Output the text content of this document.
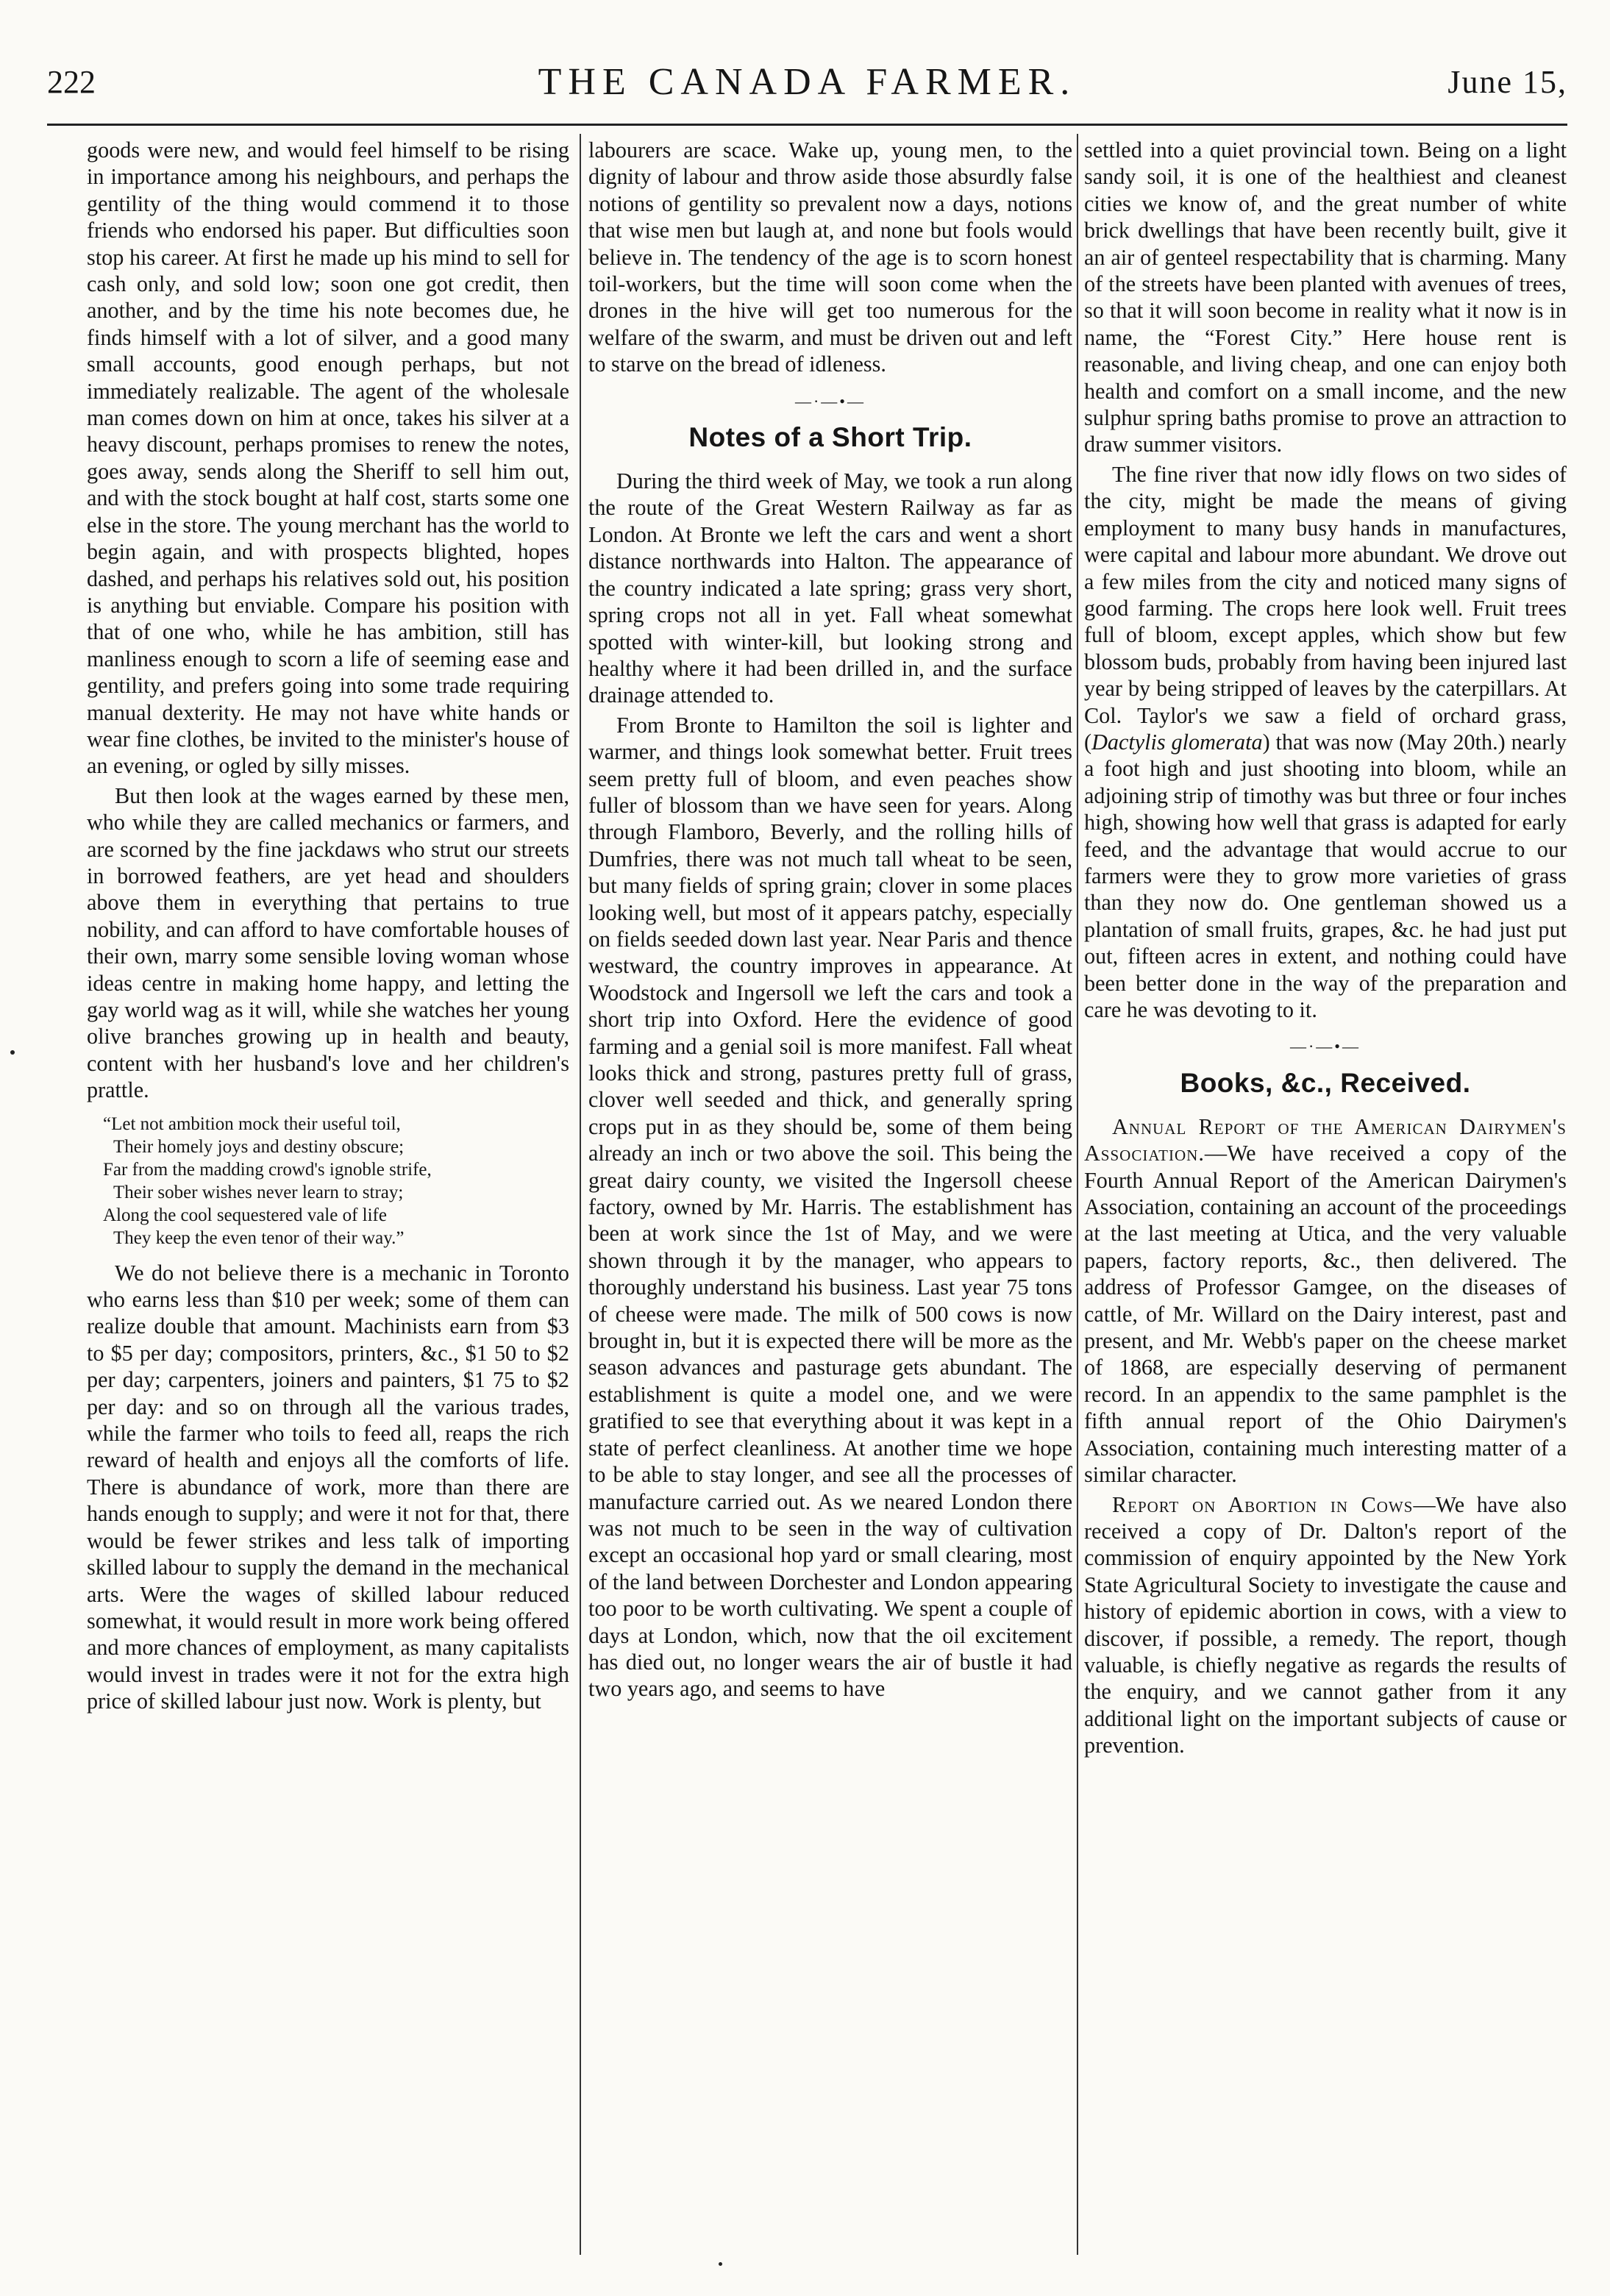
222	THE CANADA FARMER.	June 15,

goods were new, and would feel himself to be rising in importance among his neighbours, and perhaps the gentility of the thing would commend it to those friends who endorsed his paper. But difficulties soon stop his career. At first he made up his mind to sell for cash only, and sold low; soon one got credit, then another, and by the time his note becomes due, he finds himself with a lot of silver, and a good many small accounts, good enough perhaps, but not immediately realizable. The agent of the wholesale man comes down on him at once, takes his silver at a heavy discount, perhaps promises to renew the notes, goes away, sends along the Sheriff to sell him out, and with the stock bought at half cost, starts some one else in the store. The young merchant has the world to begin again, and with prospects blighted, hopes dashed, and perhaps his relatives sold out, his position is anything but enviable. Compare his position with that of one who, while he has ambition, still has manliness enough to scorn a life of seeming ease and gentility, and prefers going into some trade requiring manual dexterity. He may not have white hands or wear fine clothes, be invited to the minister's house of an evening, or ogled by silly misses.

But then look at the wages earned by these men, who while they are called mechanics or farmers, and are scorned by the fine jackdaws who strut our streets in borrowed feathers, are yet head and shoulders above them in everything that pertains to true nobility, and can afford to have comfortable houses of their own, marry some sensible loving woman whose ideas centre in making home happy, and letting the gay world wag as it will, while she watches her young olive branches growing up in health and beauty, content with her husband's love and her children's prattle.

“Let not ambition mock their useful toil,
Their homely joys and destiny obscure;
Far from the madding crowd's ignoble strife,
Their sober wishes never learn to stray;
Along the cool sequestered vale of life
They keep the even tenor of their way.”

We do not believe there is a mechanic in Toronto who earns less than $10 per week; some of them can realize double that amount. Machinists earn from $3 to $5 per day; compositors, printers, &c., $1 50 to $2 per day; carpenters, joiners and painters, $1 75 to $2 per day: and so on through all the various trades, while the farmer who toils to feed all, reaps the rich reward of health and enjoys all the comforts of life. There is abundance of work, more than there are hands enough to supply; and were it not for that, there would be fewer strikes and less talk of importing skilled labour to supply the demand in the mechanical arts. Were the wages of skilled labour reduced somewhat, it would result in more work being offered and more chances of employment, as many capitalists would invest in trades were it not for the extra high price of skilled labour just now. Work is plenty, but

labourers are scace. Wake up, young men, to the dignity of labour and throw aside those absurdly false notions of gentility so prevalent now a days, notions that wise men but laugh at, and none but fools would believe in. The tendency of the age is to scorn honest toil-workers, but the time will soon come when the drones in the hive will get too numerous for the welfare of the swarm, and must be driven out and left to starve on the bread of idleness.

—·—•—
Notes of a Short Trip.

During the third week of May, we took a run along the route of the Great Western Railway as far as London. At Bronte we left the cars and went a short distance northwards into Halton. The appearance of the country indicated a late spring; grass very short, spring crops not all in yet. Fall wheat somewhat spotted with winter-kill, but looking strong and healthy where it had been drilled in, and the surface drainage attended to.

From Bronte to Hamilton the soil is lighter and warmer, and things look somewhat better. Fruit trees seem pretty full of bloom, and even peaches show fuller of blossom than we have seen for years. Along through Flamboro, Beverly, and the rolling hills of Dumfries, there was not much tall wheat to be seen, but many fields of spring grain; clover in some places looking well, but most of it appears patchy, especially on fields seeded down last year. Near Paris and thence westward, the country improves in appearance. At Woodstock and Ingersoll we left the cars and took a short trip into Oxford. Here the evidence of good farming and a genial soil is more manifest. Fall wheat looks thick and strong, pastures pretty full of grass, clover well seeded and thick, and generally spring crops put in as they should be, some of them being already an inch or two above the soil. This being the great dairy county, we visited the Ingersoll cheese factory, owned by Mr. Harris. The establishment has been at work since the 1st of May, and we were shown through it by the manager, who appears to thoroughly understand his business. Last year 75 tons of cheese were made. The milk of 500 cows is now brought in, but it is expected there will be more as the season advances and pasturage gets abundant. The establishment is quite a model one, and we were gratified to see that everything about it was kept in a state of perfect cleanliness. At another time we hope to be able to stay longer, and see all the processes of manufacture carried out. As we neared London there was not much to be seen in the way of cultivation except an occasional hop yard or small clearing, most of the land between Dorchester and London appearing too poor to be worth cultivating. We spent a couple of days at London, which, now that the oil excitement has died out, no longer wears the air of bustle it had two years ago, and seems to have

settled into a quiet provincial town. Being on a light sandy soil, it is one of the healthiest and cleanest cities we know of, and the great number of white brick dwellings that have been recently built, give it an air of genteel respectability that is charming. Many of the streets have been planted with avenues of trees, so that it will soon become in reality what it now is in name, the “Forest City.” Here house rent is reasonable, and living cheap, and one can enjoy both health and comfort on a small income, and the new sulphur spring baths promise to prove an attraction to draw summer visitors.

The fine river that now idly flows on two sides of the city, might be made the means of giving employment to many busy hands in manufactures, were capital and labour more abundant. We drove out a few miles from the city and noticed many signs of good farming. The crops here look well. Fruit trees full of bloom, except apples, which show but few blossom buds, probably from having been injured last year by being stripped of leaves by the caterpillars. At Col. Taylor's we saw a field of orchard grass, (Dactylis glomerata) that was now (May 20th.) nearly a foot high and just shooting into bloom, while an adjoining strip of timothy was but three or four inches high, showing how well that grass is adapted for early feed, and the advantage that would accrue to our farmers were they to grow more varieties of grass than they now do. One gentleman showed us a plantation of small fruits, grapes, &c. he had just put out, fifteen acres in extent, and nothing could have been better done in the way of the preparation and care he was devoting to it.

—·—•—
Books, &c., Received.

Annual Report of the American Dairymen's Association.—We have received a copy of the Fourth Annual Report of the American Dairymen's Association, containing an account of the proceedings at the last meeting at Utica, and the very valuable papers, factory reports, &c., then delivered. The address of Professor Gamgee, on the diseases of cattle, of Mr. Willard on the Dairy interest, past and present, and Mr. Webb's paper on the cheese market of 1868, are especially deserving of permanent record. In an appendix to the same pamphlet is the fifth annual report of the Ohio Dairymen's Association, containing much interesting matter of a similar character.

Report on Abortion in Cows—We have also received a copy of Dr. Dalton's report of the commission of enquiry appointed by the New York State Agricultural Society to investigate the cause and history of epidemic abortion in cows, with a view to discover, if possible, a remedy. The report, though valuable, is chiefly negative as regards the results of the enquiry, and we cannot gather from it any additional light on the important subjects of cause or prevention.
